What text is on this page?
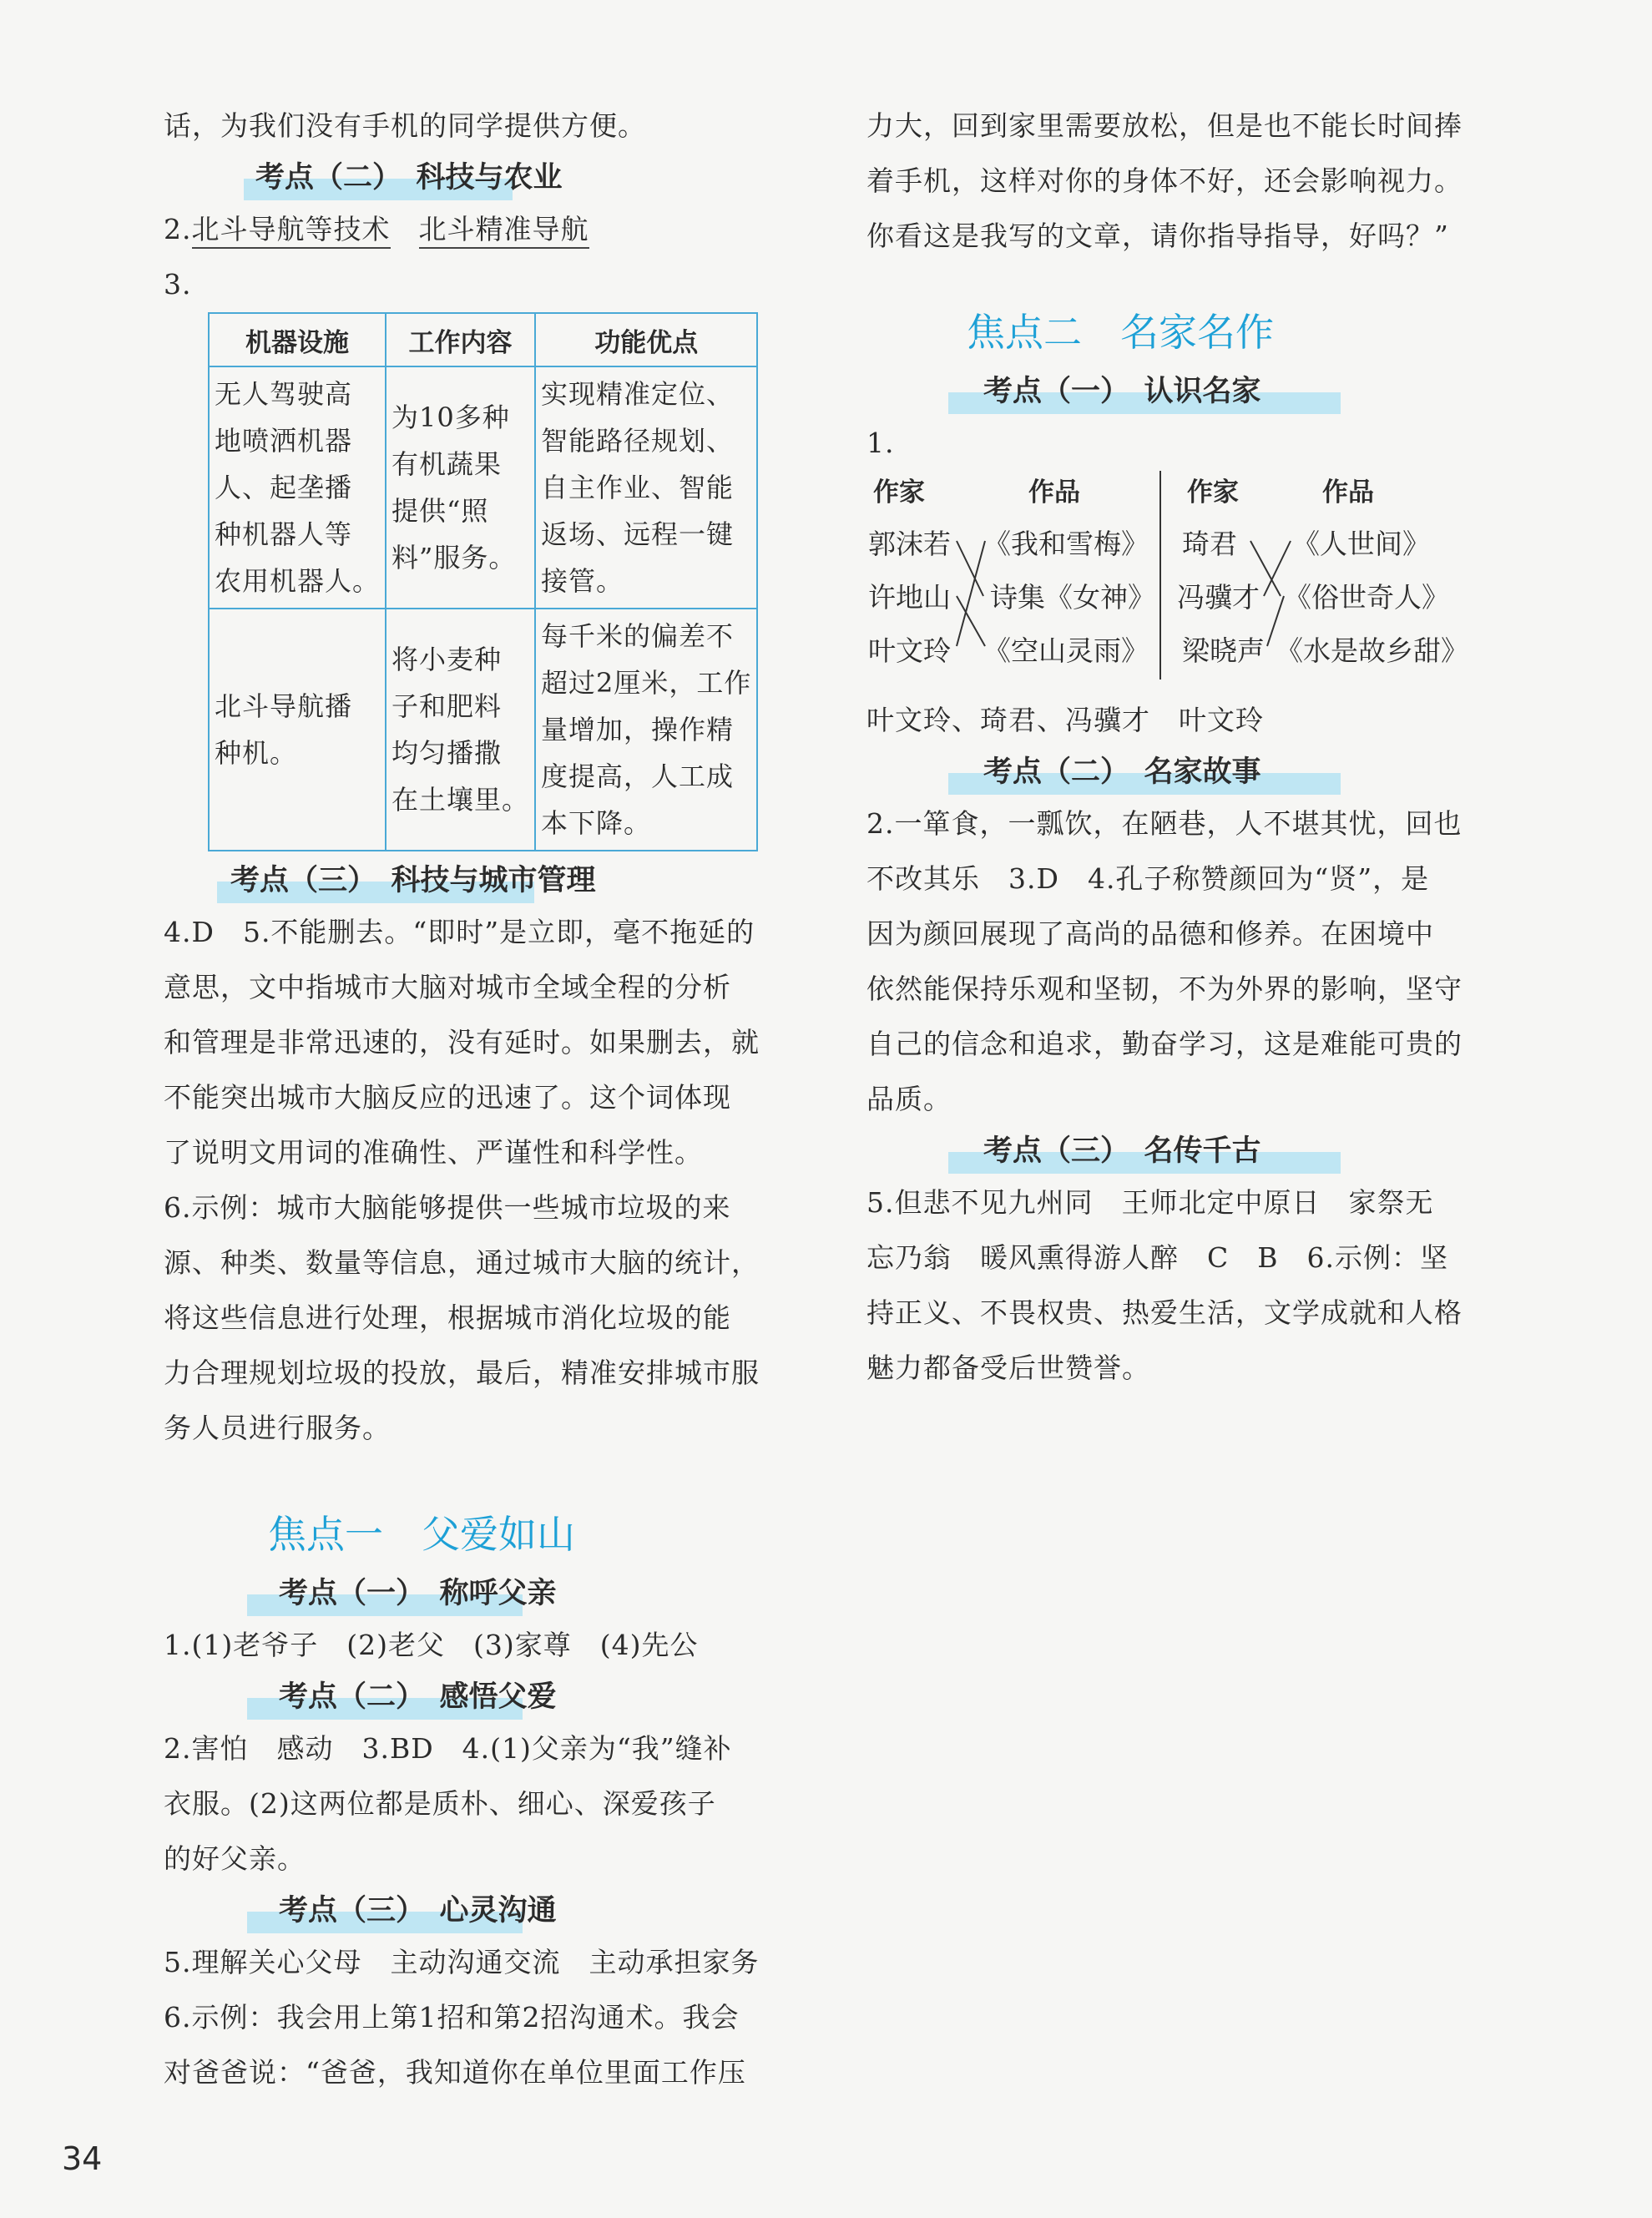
话，为我们没有手机的同学提供方便。

考点（二）　科技与农业

2.北斗导航等技术　 北斗精准导航

3.

机器设施	工作内容	功能优点

无人驾驶高
地喷洒机器
人、起垄播
种机器人等
农用机器人。	为10多种
有机蔬果
提供“照
料”服务。	实现精准定位、
智能路径规划、
自主作业、智能
返场、远程一键
接管。

北斗导航播
种机。	将小麦种
子和肥料
均匀播撒
在土壤里。	每千米的偏差不
超过2厘米，工作
量增加，操作精
度提高，人工成
本下降。
考点（三）　科技与城市管理

4.D　5.不能删去。“即时”是立即，毫不拖延的
意思，文中指城市大脑对城市全域全程的分析
和管理是非常迅速的，没有延时。如果删去，就
不能突出城市大脑反应的迅速了。这个词体现
了说明文用词的准确性、严谨性和科学性。

6.示例：城市大脑能够提供一些城市垃圾的来
源、种类、数量等信息，通过城市大脑的统计，
将这些信息进行处理，根据城市消化垃圾的能
力合理规划垃圾的投放，最后，精准安排城市服
务人员进行服务。

焦点一　父爱如山
考点（一）　称呼父亲

1.(1)老爷子　(2)老父　(3)家尊　(4)先公

考点（二）　感悟父爱

2.害怕　感动　3.BD　4.(1)父亲为“我”缝补
衣服。(2)这两位都是质朴、细心、深爱孩子
的好父亲。

考点（三）　心灵沟通

5.理解关心父母　主动沟通交流　主动承担家务
6.示例：我会用上第1招和第2招沟通术。我会
对爸爸说：“爸爸，我知道你在单位里面工作压

力大，回到家里需要放松，但是也不能长时间捧
着手机，这样对你的身体不好，还会影响视力。
你看这是我写的文章，请你指导指导，好吗？”

焦点二　名家名作
考点（一）　认识名家

1.

作家	作品	作家	作品
郭沫若
许地山
叶文玲
《我和雪梅》
诗集《女神》
《空山灵雨》
琦君
冯骥才
梁晓声
《人世间》
《俗世奇人》
《水是故乡甜》

叶文玲、琦君、冯骥才　叶文玲

考点（二）　名家故事

2.一箪食，一瓢饮，在陋巷，人不堪其忧，回也
不改其乐　3.D　4.孔子称赞颜回为“贤”，是
因为颜回展现了高尚的品德和修养。在困境中
依然能保持乐观和坚韧，不为外界的影响，坚守
自己的信念和追求，勤奋学习，这是难能可贵的
品质。

考点（三）　名传千古

5.但悲不见九州同　王师北定中原日　家祭无
忘乃翁　暖风熏得游人醉　C　B　6.示例：坚
持正义、不畏权贵、热爱生活，文学成就和人格
魅力都备受后世赞誉。

34
